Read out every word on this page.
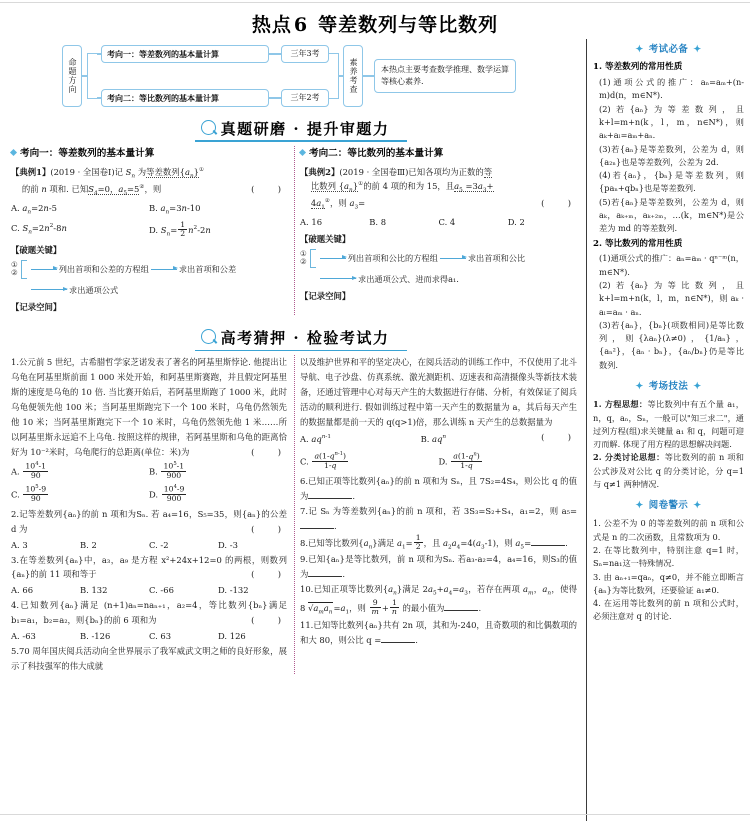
热点 6 等差数列与等比数列
命题方向
考向一：等差数列的基本量计算	三年3考
考向二：等比数列的基本量计算	三年2考
素养考查	本热点主要考查数学推理、数学运算等核心素养.
真题研磨 · 提升审题力
考向一：等差数列的基本量计算
【典例1】(2019 · 全国卷Ⅰ)记 $S_n$ 为等差数列$\{a_n\}^①$
的前 n 项和. 已知$S_4=0$，$a_5=5^②$，则	(  )
A. $a_n=2n-5$	B. $a_n=3n-10$
C. $S_n=2n^2-8n$	D. $S_n= \frac{1}{2} n^2-2n$
【破题关键】
①
②	列出首项和公差的方程组	求出首项和公差
求出通项公式
【记录空间】
考向二：等比数列的基本量计算
【典例2】(2019 · 全国卷Ⅲ)已知各项均为正数的等
比数列 $\{a_n\}^①$的前 4 项的和为 15，且$a_5 =3a_3+$
$4a_1^②$，则 $a_3=$	(  )
A. 16	B. 8	C. 4	D. 2
【破题关键】
①
②	列出首项和公比的方程组	求出首项和公比
求出通项公式、进而求得a₁.
【记录空间】
高考猜押 · 检验考试力
1.公元前 5 世纪，古希腊哲学家芝诺发表了著名的阿基里斯悖论. 他提出让乌龟在阿基里斯前面 1 000 米处开始，和阿基里斯赛跑，并且假定阿基里斯的速度是乌龟的 10 倍. 当比赛开始后，若阿基里斯跑了 1000 米，此时乌龟便领先他 100 米；当阿基里斯跑完下一个 100 米时，乌龟仍然领先他 10 米；当阿基里斯跑完下一个 10 米时，乌龟仍然领先他 1 米……所以阿基里斯永远追不上乌龟. 按照这样的规律，若阿基里斯和乌龟的距离恰好为 10⁻²米时，乌龟爬行的总距离(单位：米)为	(  )
A. $\frac{10^4-1}{90}$	B. $\frac{10^5-1}{900}$
C. $\frac{10^5-9}{90}$	D. $\frac{10^4-9}{900}$
2.记等差数列{aₙ}的前 n 项和为Sₙ. 若 a₄=16，S₅=35，则{aₙ}的公差 d 为	(  )
A. 3	B. 2	C. -2	D. -3
3.在等差数列{aₙ}中，a₃，a₉ 是方程 x²+24x+12=0 的两根，则数列{aₙ}的前 11 项和等于	(  )
A. 66	B. 132	C. -66	D. -132
4.已知数列{aₙ}满足 (n+1)aₙ=naₙ₊₁，a₂=4，等比数列{bₙ}满足 b₁=a₁，b₂=a₂，则{bₙ}的前 6 项和为	(  )
A. -63	B. -126	C. 63	D. 126
5.70 周年国庆阅兵活动向全世界展示了我军威武文明之师的良好形象，展示了科技强军的伟大成就
以及维护世界和平的坚定决心，在阅兵活动的训练工作中，不仅使用了北斗导航、电子沙盘、仿真系统、激光测距机、迈速表和高清摄像头等新技术装备，还通过管理中心对每天产生的大数据进行存储、分析，有效保证了阅兵活动的顺利进行. 假如训练过程中第一天产生的数据量为 a，其后每天产生的数据量都是前一天的 q(q>1)倍，那么训练 n 天产生的总数据量为
(  )
A. $aq^{n-1}$	B. $aq^n$
C. $\frac{a(1-q^{n-1})}{1-q}$	D. $\frac{a(1-q^n)}{1-q}$
6.已知正项等比数列{aₙ}的前 n 项和为 Sₙ，且 7S₂=4S₄，则公比 q 的值为	.
7.记 Sₙ 为等差数列{aₙ}的前 n 项和，若 3S₃=S₂+S₄，a₁=2，则 a₅=.
8.已知等比数列$\{a_n\}$满足 $a_1= \frac{1}{2}$ ，且 $a_2a_4=4(a_3-1)$，则 $a_5=$	.
9.已知{aₙ}是等比数列，前 n 项和为Sₙ. 若a₃-a₂=4，a₄=16，则S₃的值为	.
10.已知正项等比数列$\{a_n\}$满足 $2a_5+a_4=a_3$，若存在两项 $a_m$，$a_n$，使得 8 $√a_ma_n=a_1$，则 $\frac{9}{m} + \frac{1}{n}$ 的最小值为	.
11.已知等比数列{aₙ}共有 2n 项，其和为-240，且奇数项的和比偶数项的和大 80，则公比 q =	.
✦ 考试必备 ✦
1. 等差数列的常用性质

(1)通项公式的推广：aₙ=aₘ+(n-m)d(n，m∈N*).

(2)若{aₙ}为等差数列，且 k+l=m+n(k，l，m，n∈N*)，则 aₖ+aₗ=aₘ+aₙ.

(3)若{aₙ}是等差数列，公差为 d，则{a₂ₙ}也是等差数列，公差为 2d.

(4)若{aₙ}，{bₙ}是等差数列，则{paₙ+qbₙ}也是等差数列.

(5)若{aₙ}是等差数列，公差为 d，则 aₖ，aₖ₊ₘ，aₖ₊₂ₘ，…(k，m∈N*)是公差为 md 的等差数列.

2. 等比数列的常用性质

(1)通项公式的推广：aₙ=aₘ · qⁿ⁻ᵐ(n，m∈N*).

(2)若{aₙ}为等比数列，且 k+l=m+n(k，l，m，n∈N*)，则 aₖ · aₗ=aₘ · aₙ.

(3)若{aₙ}，{bₙ}(项数相同)是等比数列，则{λaₙ}(λ≠0)，{1/aₙ}，{aₙ²}，{aₙ · bₙ}，{aₙ/bₙ}仍是等比数列.

✦ 考场技法 ✦

1. 方程思想：等比数列中有五个量 a₁，n，q，aₙ，Sₙ，一般可以"知三求二"，通过列方程(组)求关键量 a₁ 和 q，问题可迎刃而解. 体现了用方程的思想解决问题.

2. 分类讨论思想：等比数列的前 n 项和公式涉及对公比 q 的分类讨论，分 q=1 与 q≠1 两种情况.

✦ 阅卷警示 ✦

1. 公差不为 0 的等差数列的前 n 项和公式是 n 的二次函数，且常数项为 0.

2. 在等比数列中，特别注意 q=1 时，Sₙ=na₁这一特殊情况.

3. 由 aₙ₊₁=qaₙ，q≠0，并不能立即断言{aₙ}为等比数列，还要验证 a₁≠0.

4. 在运用等比数列的前 n 项和公式时，必须注意对 q 的讨论.
